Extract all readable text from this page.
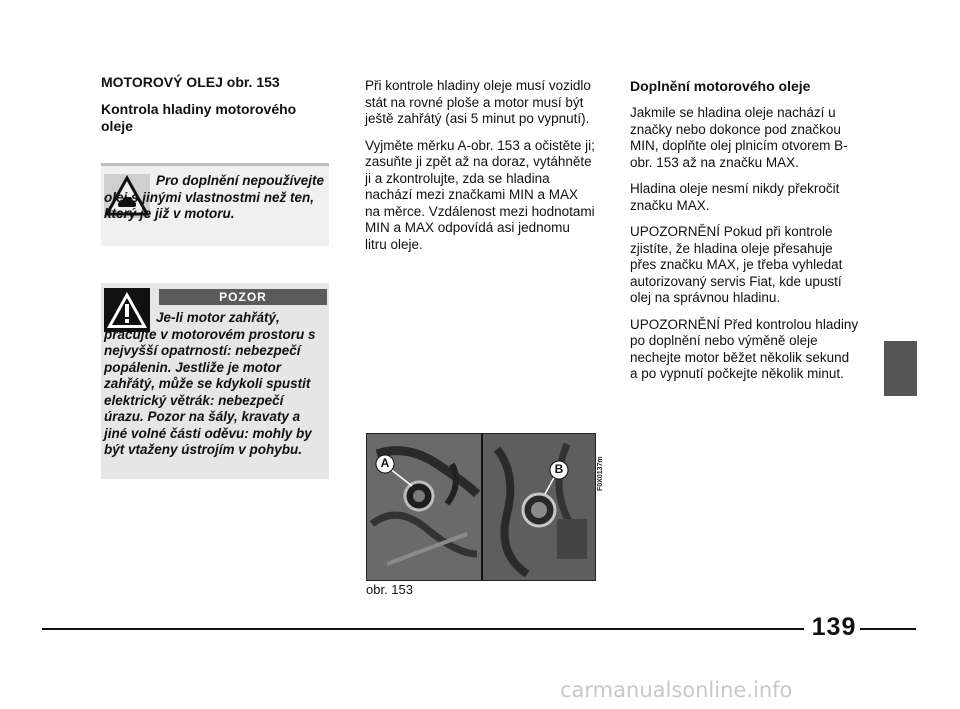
MOTOROVÝ OLEJ obr. 153

Kontrola hladiny motorového oleje

Pro doplnění nepoužívejte olej s jinými vlastnostmi než ten, který je již v motoru.
POZOR
Je-li motor zahřátý, pracujte v motorovém prostoru s nejvyšší opatrností: nebezpečí popálenin. Jestliže je motor zahřátý, může se kdykoli spustit elektrický větrák: nebezpečí úrazu. Pozor na šály, kravaty a jiné volné části oděvu: mohly by být vtaženy ústrojím v pohybu.

Při kontrole hladiny oleje musí vozidlo stát na rovné ploše a motor musí být ještě zahřátý (asi 5 minut po vypnutí).

Vyjměte měrku A-obr. 153 a očistěte ji; zasuňte ji zpět až na doraz, vytáhněte ji a zkontrolujte, zda se hladina nachází mezi značkami MIN a MAX na měrce. Vzdálenost mezi hodnotami MIN a MAX odpovídá asi jednomu litru oleje.

A	B	F0X0137m
obr. 153

Doplnění motorového oleje

Jakmile se hladina oleje nachází u značky nebo dokonce pod značkou MIN, doplňte olej plnicím otvorem B-obr. 153 až na značku MAX.

Hladina oleje nesmí nikdy překročit značku MAX.

UPOZORNĚNÍ Pokud při kontrole zjistíte, že hladina oleje přesahuje přes značku MAX, je třeba vyhledat autorizovaný servis Fiat, kde upustí olej na správnou hladinu.

UPOZORNĚNÍ Před kontrolou hladiny po doplnění nebo výměně oleje nechejte motor běžet několik sekund a po vypnutí počkejte několik minut.

139
carmanualsonline.info
